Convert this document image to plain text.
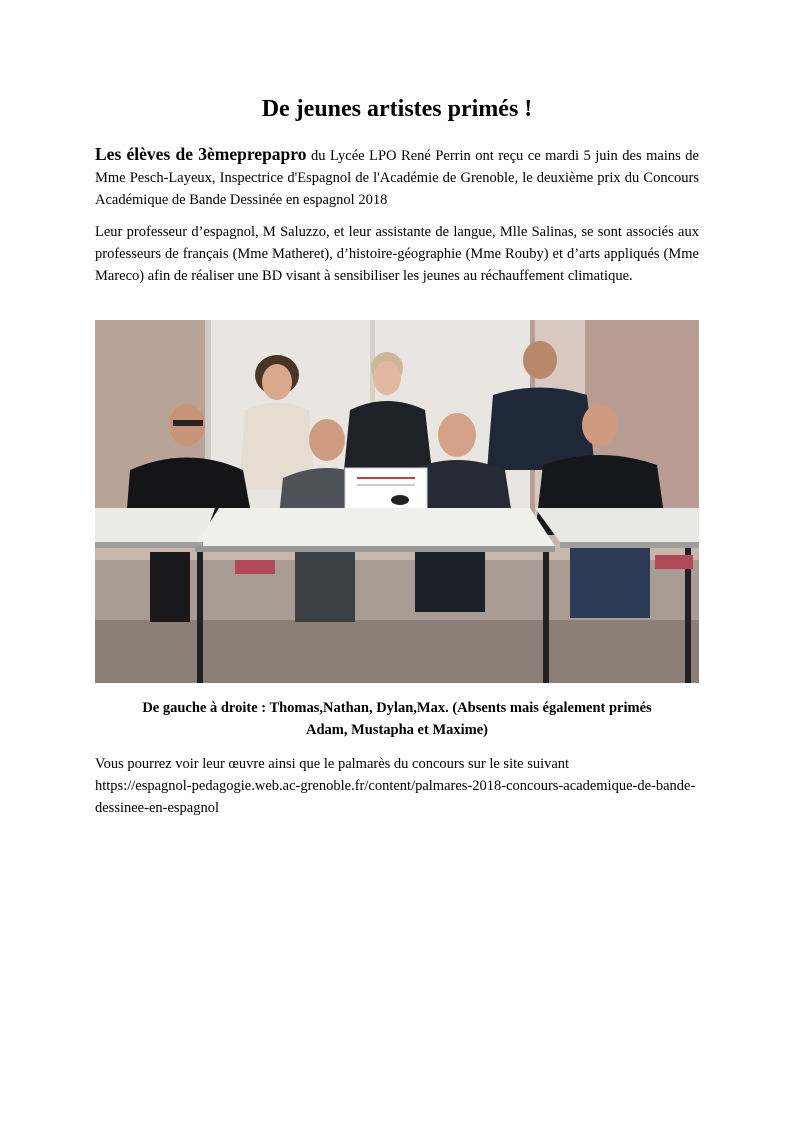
De jeunes artistes primés !

Les élèves de 3èmeprepapro du Lycée LPO René Perrin ont reçu ce mardi 5 juin des mains de Mme Pesch-Layeux, Inspectrice d'Espagnol de l'Académie de Grenoble, le deuxième prix du Concours Académique de Bande Dessinée en espagnol 2018

Leur professeur d’espagnol, M Saluzzo, et leur assistante de langue, Mlle Salinas, se sont associés aux professeurs de français (Mme Matheret), d’histoire-géographie (Mme Rouby) et d’arts appliqués (Mme Mareco) afin de réaliser une BD visant à sensibiliser les jeunes au réchauffement climatique.

De gauche à droite : Thomas,Nathan, Dylan,Max. (Absents mais également primés
Adam, Mustapha et Maxime)

Vous pourrez voir leur œuvre ainsi que le palmarès du concours sur le site suivant
https://espagnol-pedagogie.web.ac-grenoble.fr/content/palmares-2018-concours-academique-de-bande-dessinee-en-espagnol
